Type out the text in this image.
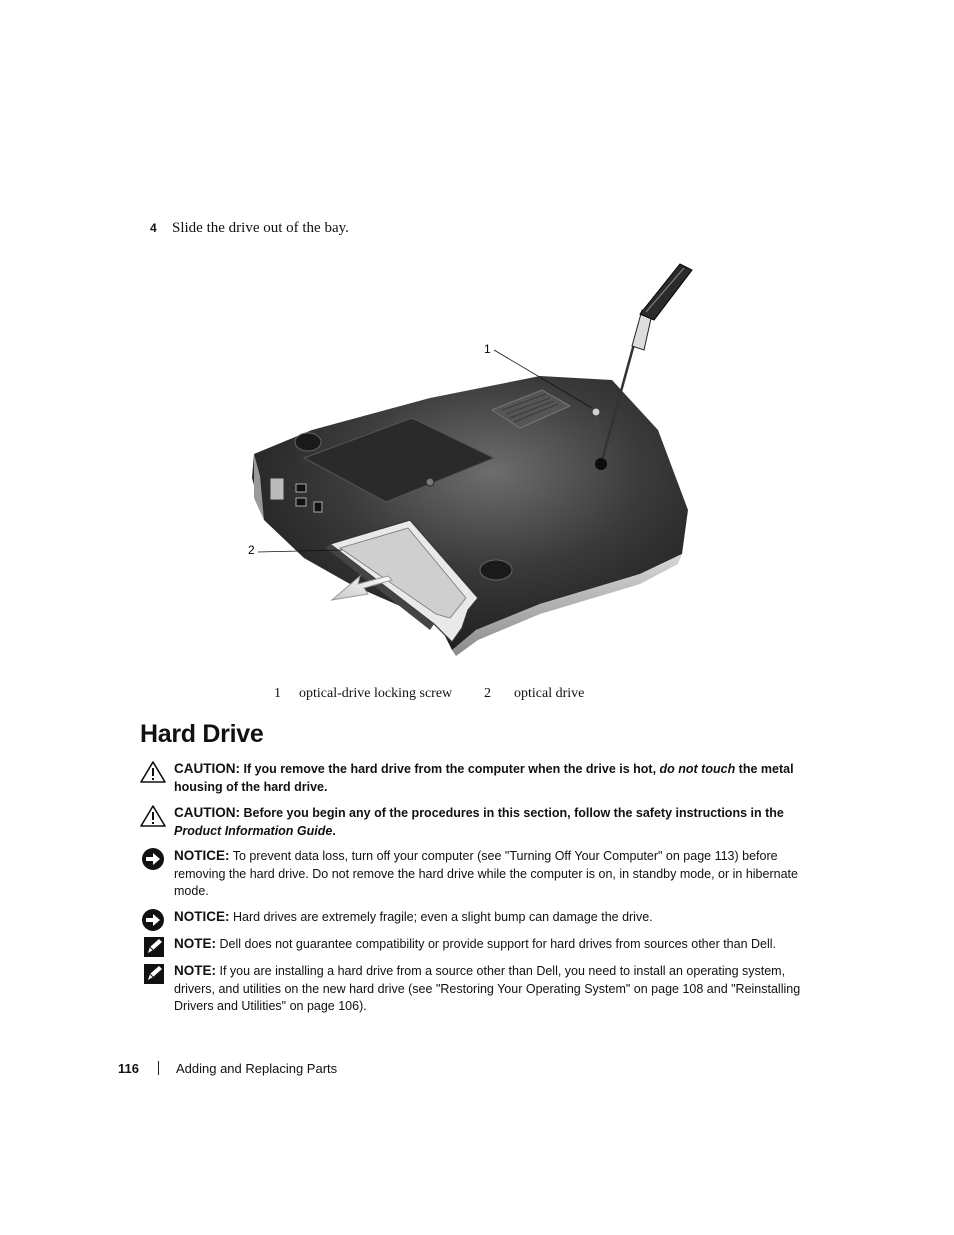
4 Slide the drive out of the bay.
1
2
1 optical-drive locking screw 2 optical drive
Hard Drive
CAUTION: If you remove the hard drive from the computer when the drive is hot, do not touch the metal housing of the hard drive.
CAUTION: Before you begin any of the procedures in this section, follow the safety instructions in the Product Information Guide.
NOTICE: To prevent data loss, turn off your computer (see "Turning Off Your Computer" on page 113) before removing the hard drive. Do not remove the hard drive while the computer is on, in standby mode, or in hibernate mode.
NOTICE: Hard drives are extremely fragile; even a slight bump can damage the drive.
NOTE: Dell does not guarantee compatibility or provide support for hard drives from sources other than Dell.
NOTE: If you are installing a hard drive from a source other than Dell, you need to install an operating system, drivers, and utilities on the new hard drive (see "Restoring Your Operating System" on page 108 and "Reinstalling Drivers and Utilities" on page 106).
116	Adding and Replacing Parts
